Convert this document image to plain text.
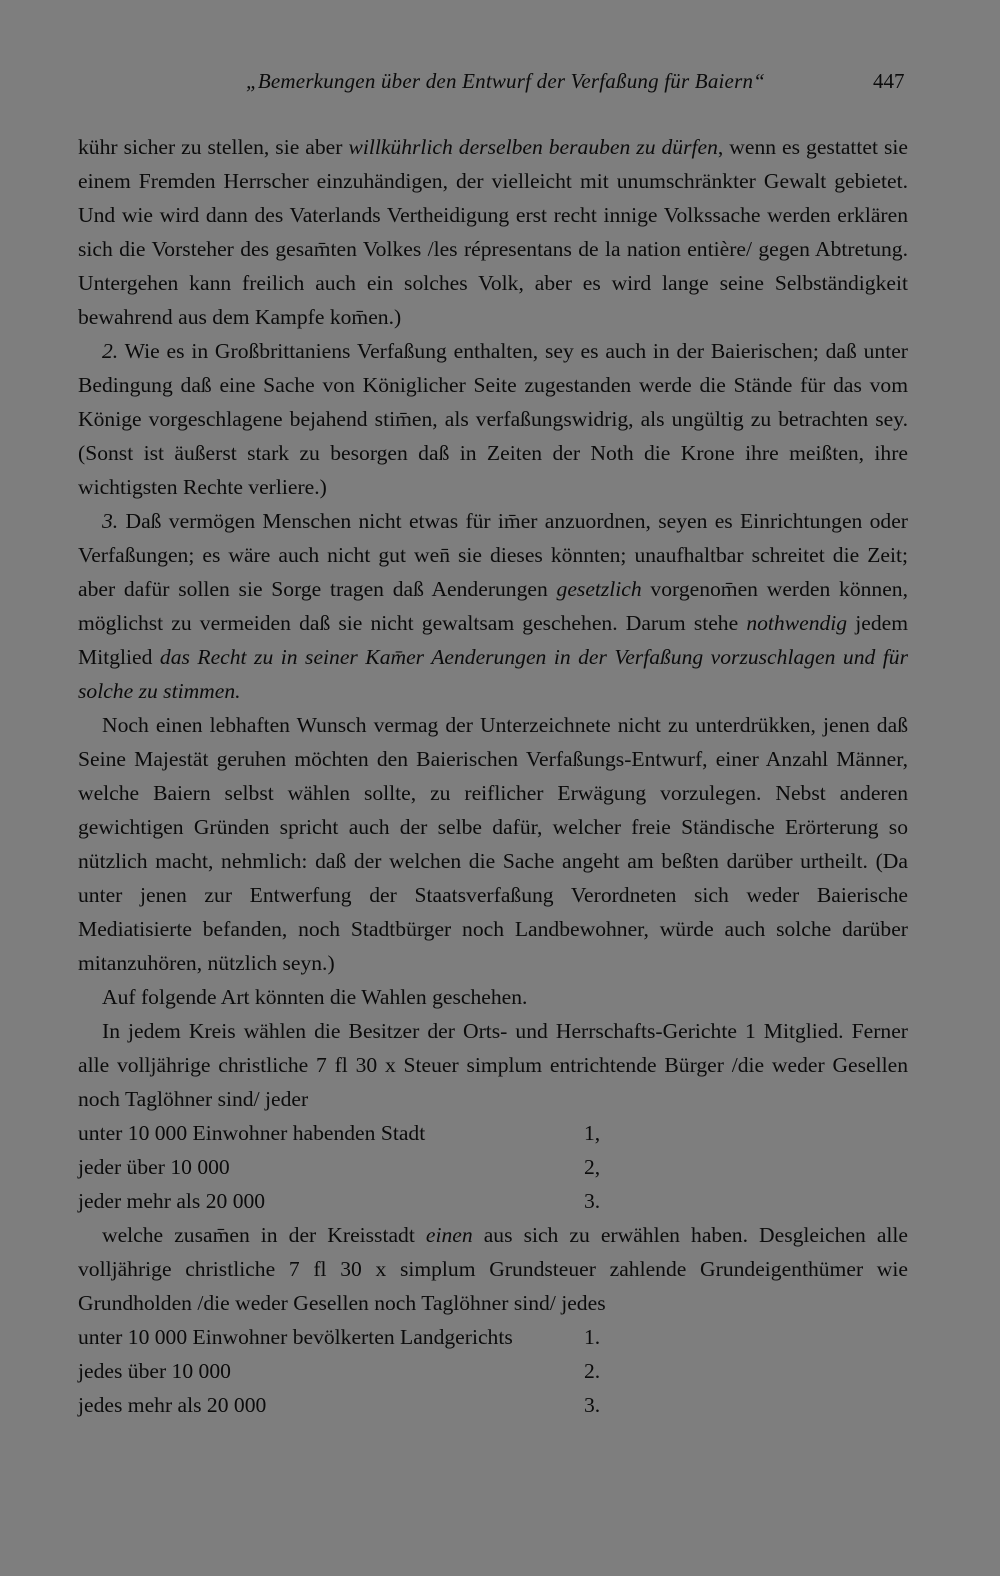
„Bemerkungen über den Entwurf der Verfaßung für Baiern“	447

kühr sicher zu stellen, sie aber willkührlich derselben berauben zu dürfen, wenn es gestattet sie einem Fremden Herrscher einzuhändigen, der vielleicht mit unumschränkter Gewalt gebietet. Und wie wird dann des Vaterlands Vertheidigung erst recht innige Volkssache werden erklären sich die Vorsteher des gesam̄ten Volkes /les répresentans de la nation entière/ gegen Abtretung. Untergehen kann freilich auch ein solches Volk, aber es wird lange seine Selbständigkeit bewahrend aus dem Kampfe kom̄en.)

2. Wie es in Großbrittaniens Verfaßung enthalten, sey es auch in der Baierischen; daß unter Bedingung daß eine Sache von Königlicher Seite zugestanden werde die Stände für das vom Könige vorgeschlagene bejahend stim̄en, als verfaßungswidrig, als ungültig zu betrachten sey. (Sonst ist äußerst stark zu besorgen daß in Zeiten der Noth die Krone ihre meißten, ihre wichtigsten Rechte verliere.)

3. Daß vermögen Menschen nicht etwas für im̄er anzuordnen, seyen es Einrichtungen oder Verfaßungen; es wäre auch nicht gut wen̄ sie dieses könnten; unaufhaltbar schreitet die Zeit; aber dafür sollen sie Sorge tragen daß Aenderungen gesetzlich vorgenom̄en werden können, möglichst zu vermeiden daß sie nicht gewaltsam geschehen. Darum stehe nothwendig jedem Mitglied das Recht zu in seiner Kam̄er Aenderungen in der Verfaßung vorzuschlagen und für solche zu stimmen.

Noch einen lebhaften Wunsch vermag der Unterzeichnete nicht zu unterdrükken, jenen daß Seine Majestät geruhen möchten den Baierischen Verfaßungs-Entwurf, einer Anzahl Männer, welche Baiern selbst wählen sollte, zu reiflicher Erwägung vorzulegen. Nebst anderen gewichtigen Gründen spricht auch der selbe dafür, welcher freie Ständische Erörterung so nützlich macht, nehmlich: daß der welchen die Sache angeht am beßten darüber urtheilt. (Da unter jenen zur Entwerfung der Staatsverfaßung Verordneten sich weder Baierische Mediatisierte befanden, noch Stadtbürger noch Landbewohner, würde auch solche darüber mitanzuhören, nützlich seyn.)

Auf folgende Art könnten die Wahlen geschehen.

In jedem Kreis wählen die Besitzer der Orts- und Herrschafts-Gerichte 1 Mitglied. Ferner alle volljährige christliche 7 fl 30 x Steuer simplum entrichtende Bürger /die weder Gesellen noch Taglöhner sind/ jeder

unter 10 000 Einwohner habenden Stadt	1,
jeder über 10 000	2,
jeder mehr als 20 000	3.

welche zusam̄en in der Kreisstadt einen aus sich zu erwählen haben. Desgleichen alle volljährige christliche 7 fl 30 x simplum Grundsteuer zahlende Grundeigenthümer wie Grundholden /die weder Gesellen noch Taglöhner sind/ jedes

unter 10 000 Einwohner bevölkerten Landgerichts	1.
jedes über 10 000	2.
jedes mehr als 20 000	3.
